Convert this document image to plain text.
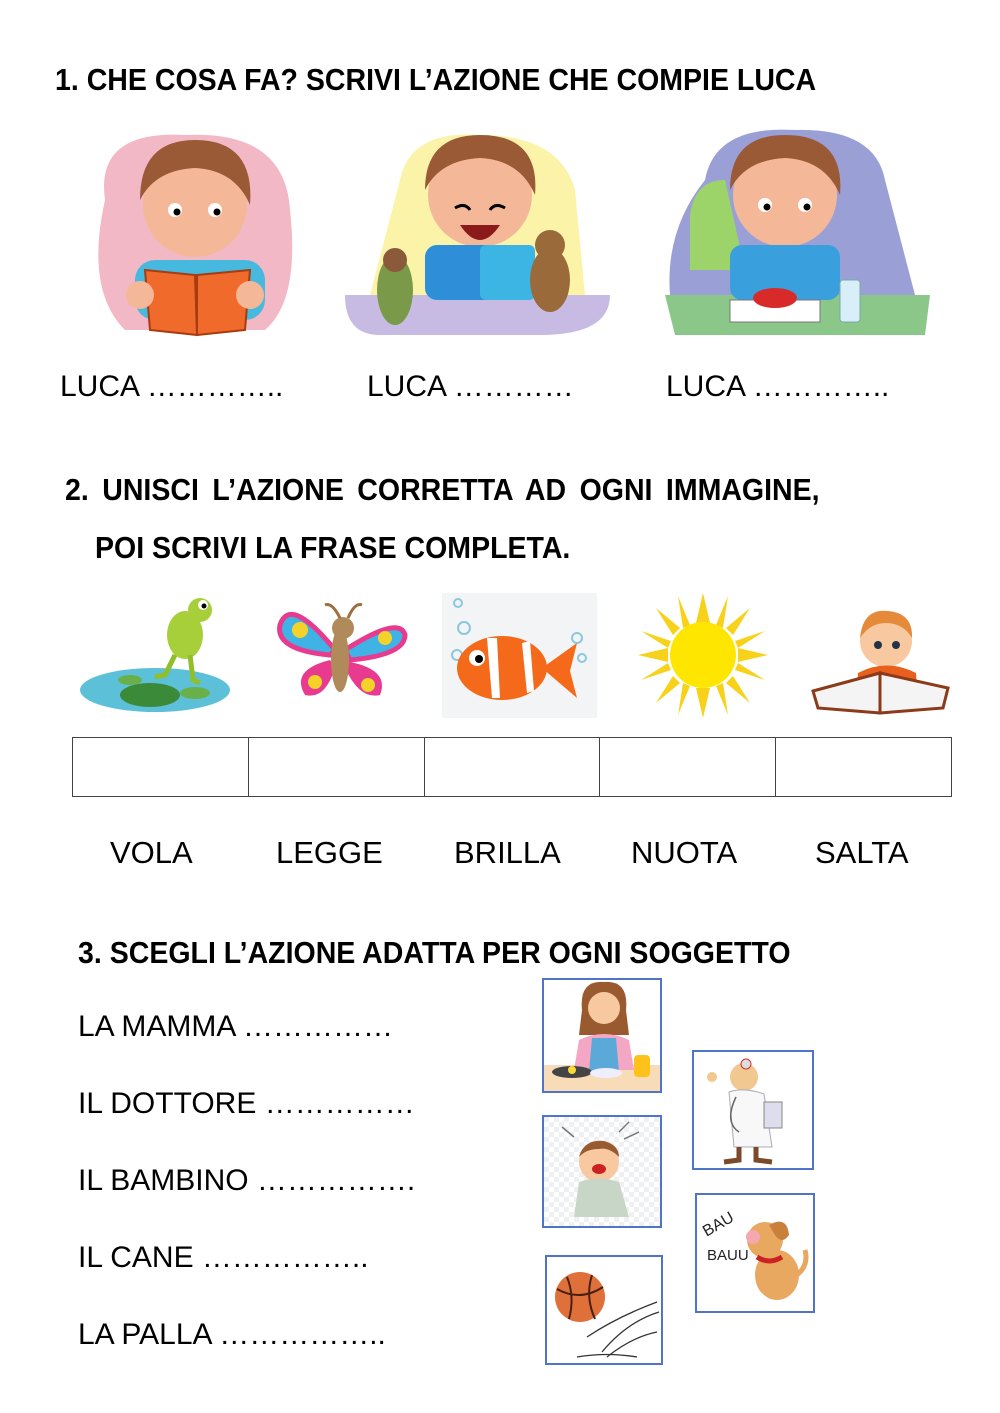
1. CHE COSA FA? SCRIVI L’AZIONE CHE COMPIE LUCA
LUCA …………..	LUCA …………	LUCA …………..
2. UNISCI L’AZIONE CORRETTA AD OGNI IMMAGINE,
POI SCRIVI LA FRASE COMPLETA.
VOLA	LEGGE BRILLA NUOTA	SALTA
3. SCEGLI L’AZIONE ADATTA PER OGNI SOGGETTO
LA MAMMA ……………
IL DOTTORE ……………
IL BAMBINO …………….
IL CANE ……………..
LA PALLA ……………..
BAU
BAUU
